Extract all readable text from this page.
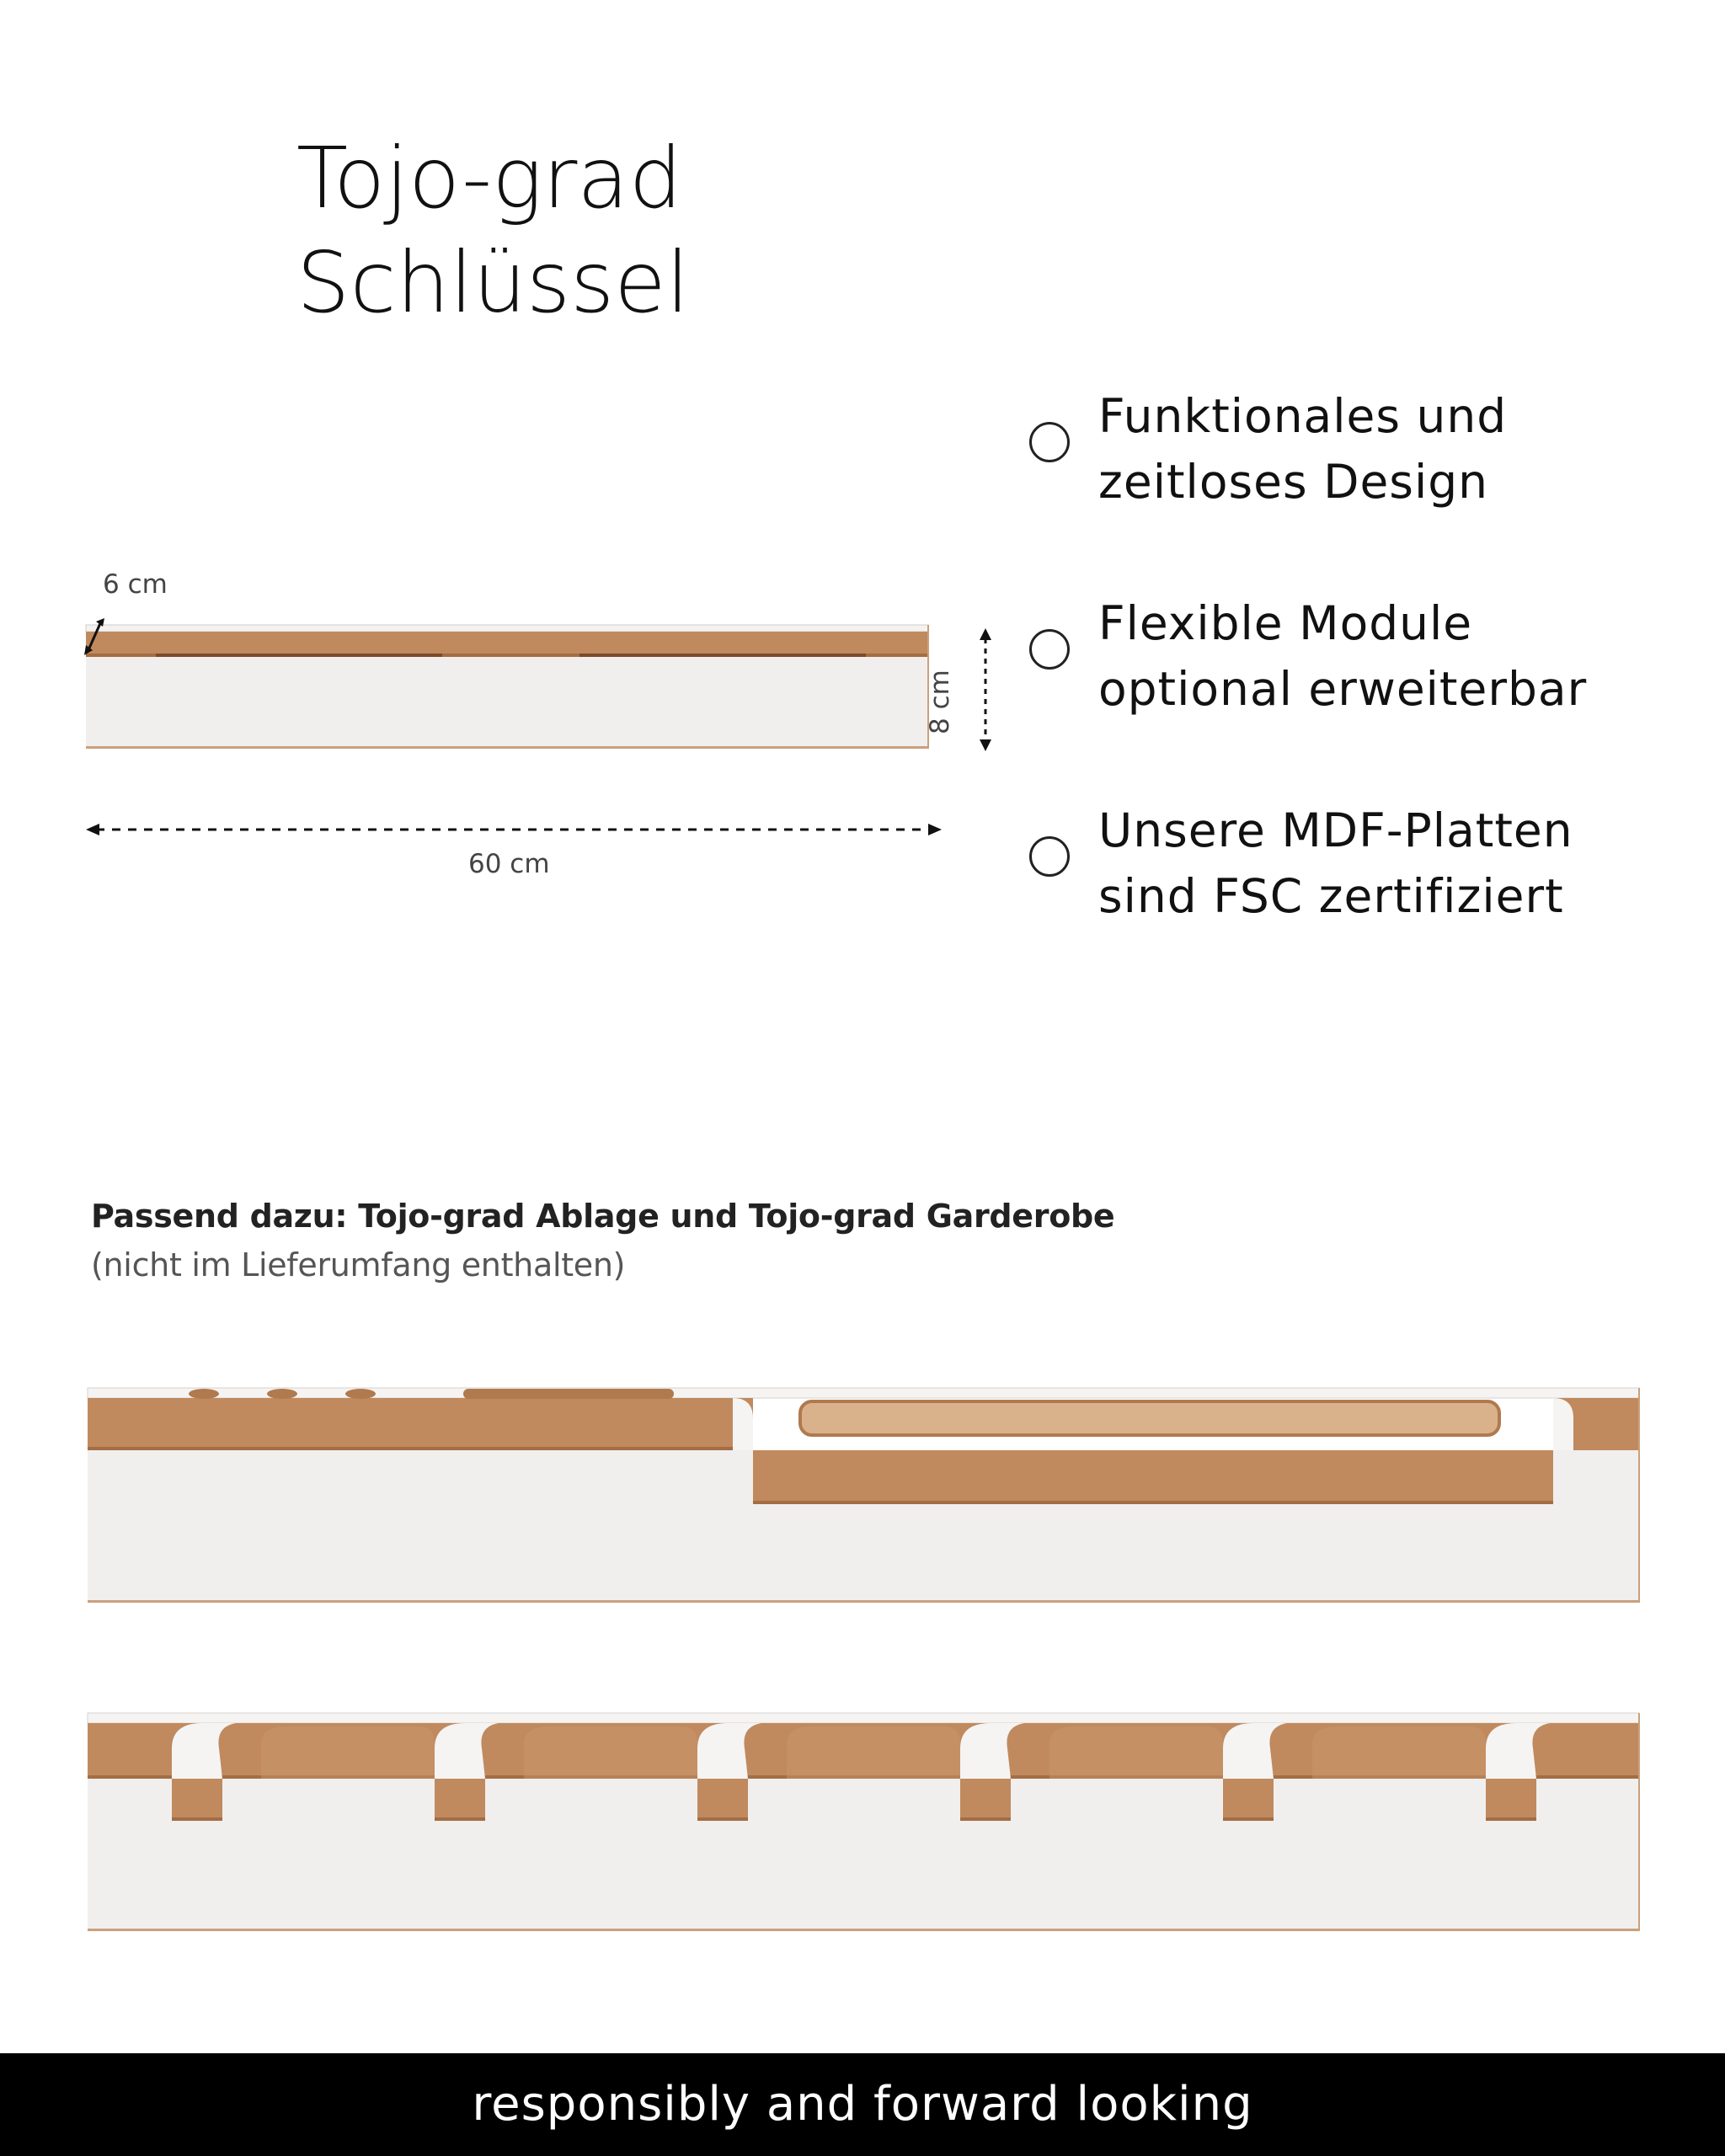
Tojo-grad
Schlüssel
6 cm
8 cm
60 cm
Funktionales und
zeitloses Design
Flexible Module
optional erweiterbar
Unsere MDF-Platten
sind FSC zertifiziert
Passend dazu: Tojo-grad Ablage und Tojo-grad Garderobe
(nicht im Lieferumfang enthalten)
responsibly and forward looking
